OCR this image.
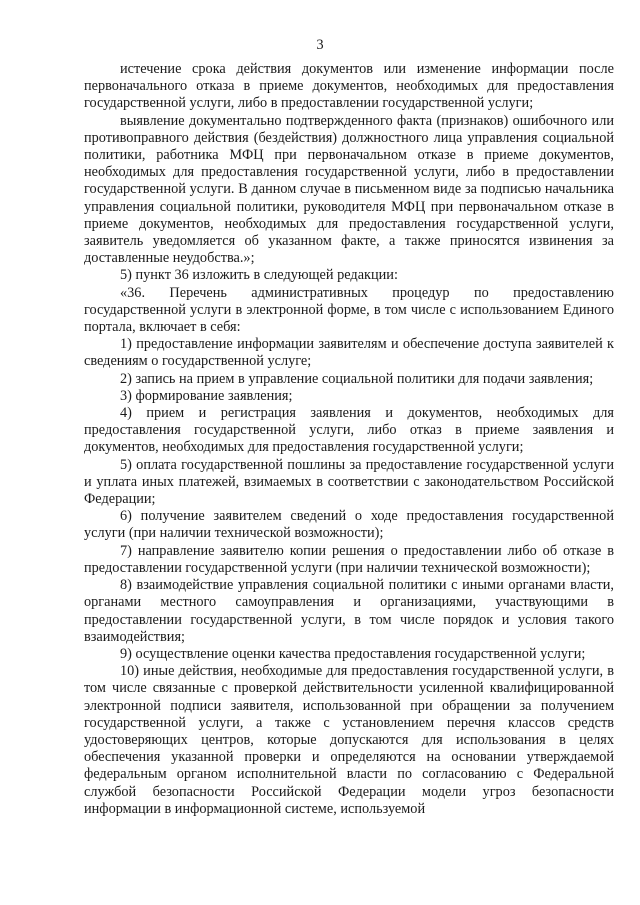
3

истечение срока действия документов или изменение информации после первоначального отказа в приеме документов, необходимых для предоставления государственной услуги, либо в предоставлении государственной услуги;

выявление документально подтвержденного факта (признаков) ошибочного или противоправного действия (бездействия) должностного лица управления социальной политики, работника МФЦ при первоначальном отказе в приеме документов, необходимых для предоставления государственной услуги, либо в предоставлении государственной услуги. В данном случае в письменном виде за подписью начальника управления социальной политики, руководителя МФЦ при первоначальном отказе в приеме документов, необходимых для предоставления государственной услуги, заявитель уведомляется об указанном факте, а также приносятся извинения за доставленные неудобства.»;

5) пункт 36 изложить в следующей редакции:

«36. Перечень административных процедур по предоставлению государственной услуги в электронной форме, в том числе с использованием Единого портала, включает в себя:

1) предоставление информации заявителям и обеспечение доступа заявителей к сведениям о государственной услуге;

2) запись на прием в управление социальной политики для подачи заявления;

3) формирование заявления;

4) прием и регистрация заявления и документов, необходимых для предоставления государственной услуги, либо отказ в приеме заявления и документов, необходимых для предоставления государственной услуги;

5) оплата государственной пошлины за предоставление государственной услуги и уплата иных платежей, взимаемых в соответствии с законодательством Российской Федерации;

6) получение заявителем сведений о ходе предоставления государственной услуги (при наличии технической возможности);

7) направление заявителю копии решения о предоставлении либо об отказе в предоставлении государственной услуги (при наличии технической возможности);

8) взаимодействие управления социальной политики с иными органами власти, органами местного самоуправления и организациями, участвующими в предоставлении государственной услуги, в том числе порядок и условия такого взаимодействия;

9) осуществление оценки качества предоставления государственной услуги;

10) иные действия, необходимые для предоставления государственной услуги, в том числе связанные с проверкой действительности усиленной квалифицированной электронной подписи заявителя, использованной при обращении за получением государственной услуги, а также с установлением перечня классов средств удостоверяющих центров, которые допускаются для использования в целях обеспечения указанной проверки и определяются на основании утверждаемой федеральным органом исполнительной власти по согласованию с Федеральной службой безопасности Российской Федерации модели угроз безопасности информации в информационной системе, используемой
